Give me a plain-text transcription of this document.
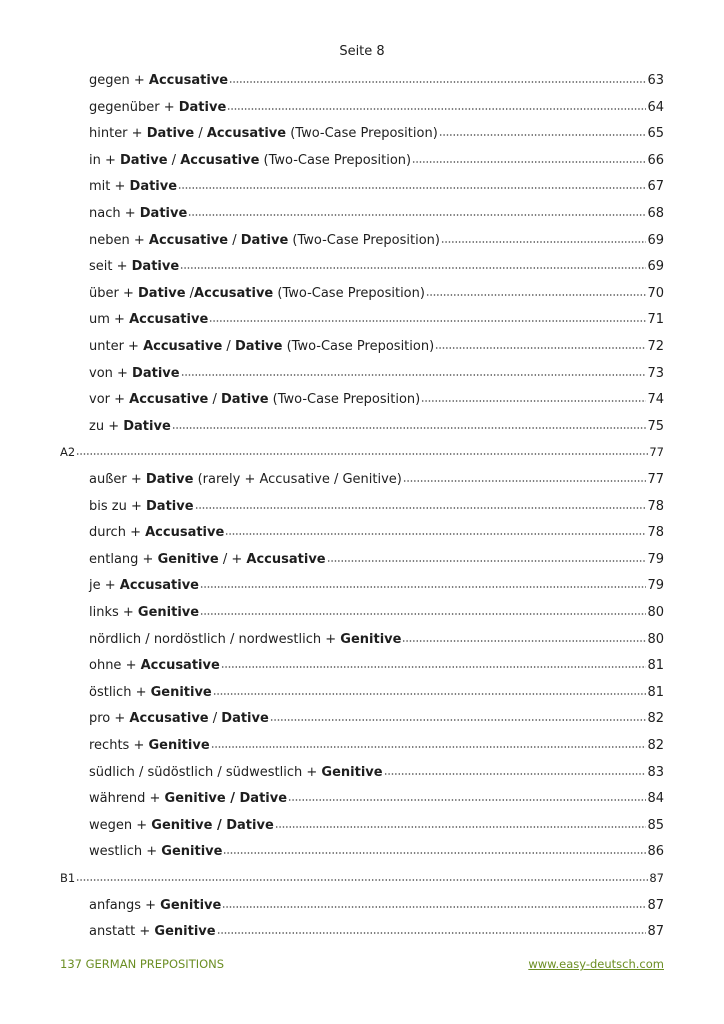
Seite 8
gegen + Accusative	63
gegenüber + Dative	64
hinter + Dative / Accusative (Two-Case Preposition)	65
in + Dative / Accusative (Two-Case Preposition)	66
mit + Dative	67
nach + Dative	68
neben + Accusative / Dative (Two-Case Preposition)	69
seit + Dative	69
über + Dative /Accusative (Two-Case Preposition)	70
um + Accusative	71
unter + Accusative / Dative (Two-Case Preposition)	72
von + Dative	73
vor + Accusative / Dative (Two-Case Preposition)	74
zu + Dative	75
A2	77
außer + Dative (rarely + Accusative / Genitive)	77
bis zu + Dative	78
durch + Accusative	78
entlang + Genitive / + Accusative	79
je + Accusative	79
links + Genitive	80
nördlich / nordöstlich / nordwestlich + Genitive	80
ohne + Accusative	81
östlich + Genitive	81
pro + Accusative / Dative	82
rechts + Genitive	82
südlich / südöstlich / südwestlich + Genitive	83
während + Genitive / Dative	84
wegen + Genitive / Dative	85
westlich + Genitive	86
B1	87
anfangs + Genitive	87
anstatt + Genitive	87
137 GERMAN PREPOSITIONS	www.easy-deutsch.com
